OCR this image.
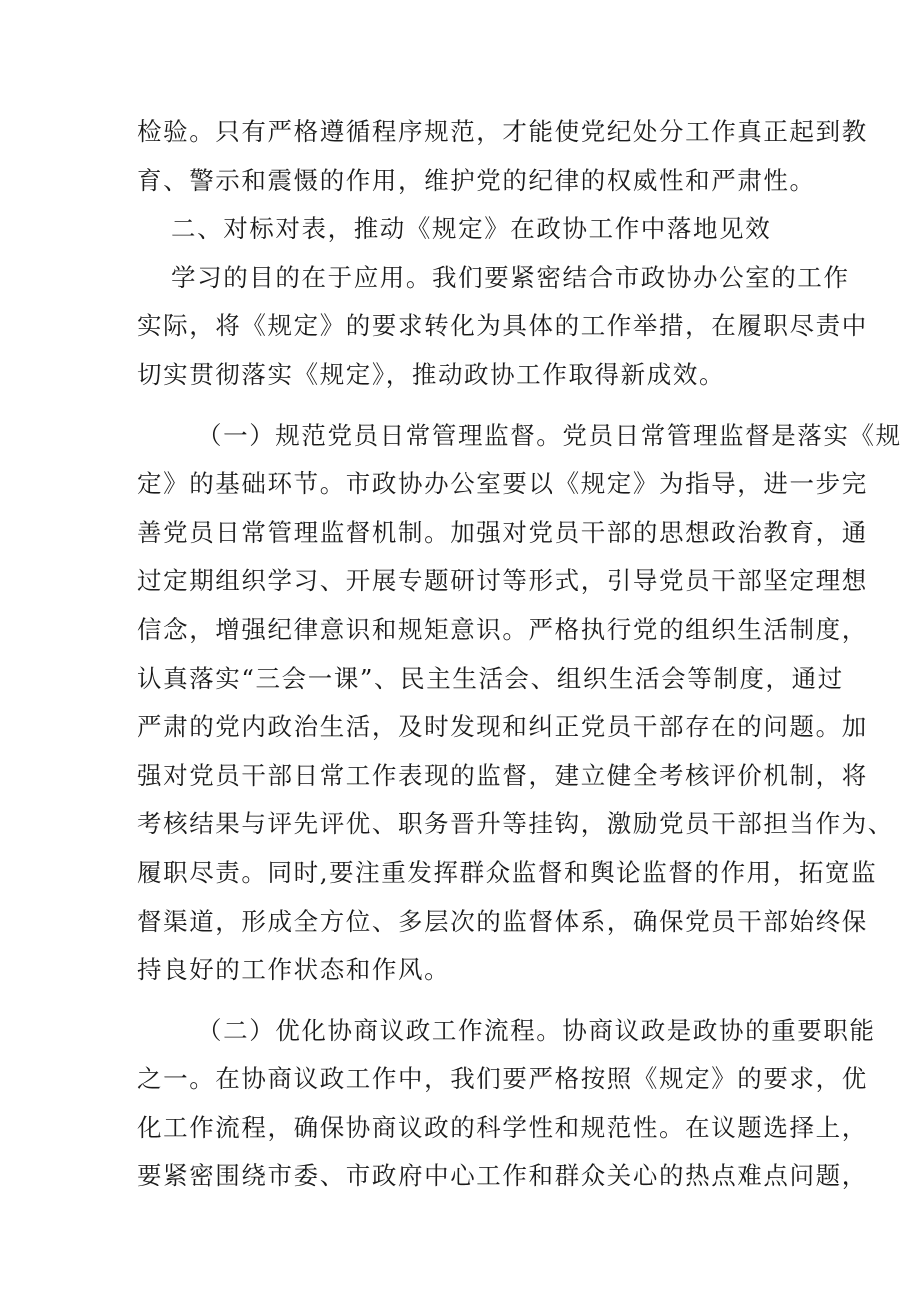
检验。只有严格遵循程序规范，才能使党纪处分工作真正起到教
育、警示和震慑的作用，维护党的纪律的权威性和严肃性。
二、对标对表，推动《规定》在政协工作中落地见效
学习的目的在于应用。我们要紧密结合市政协办公室的工作
实际，将《规定》的要求转化为具体的工作举措，在履职尽责中
切实贯彻落实《规定》，推动政协工作取得新成效。
（一）规范党员日常管理监督。党员日常管理监督是落实《规
定》的基础环节。市政协办公室要以《规定》为指导，进一步完
善党员日常管理监督机制。加强对党员干部的思想政治教育，通
过定期组织学习、开展专题研讨等形式，引导党员干部坚定理想
信念，增强纪律意识和规矩意识。严格执行党的组织生活制度，
认真落实“三会一课”、民主生活会、组织生活会等制度，通过
严肃的党内政治生活，及时发现和纠正党员干部存在的问题。加
强对党员干部日常工作表现的监督，建立健全考核评价机制，将
考核结果与评先评优、职务晋升等挂钩，激励党员干部担当作为、
履职尽责。同时,要注重发挥群众监督和舆论监督的作用，拓宽监
督渠道，形成全方位、多层次的监督体系，确保党员干部始终保
持良好的工作状态和作风。
（二）优化协商议政工作流程。协商议政是政协的重要职能
之一。在协商议政工作中，我们要严格按照《规定》的要求，优
化工作流程，确保协商议政的科学性和规范性。在议题选择上，
要紧密围绕市委、市政府中心工作和群众关心的热点难点问题，
